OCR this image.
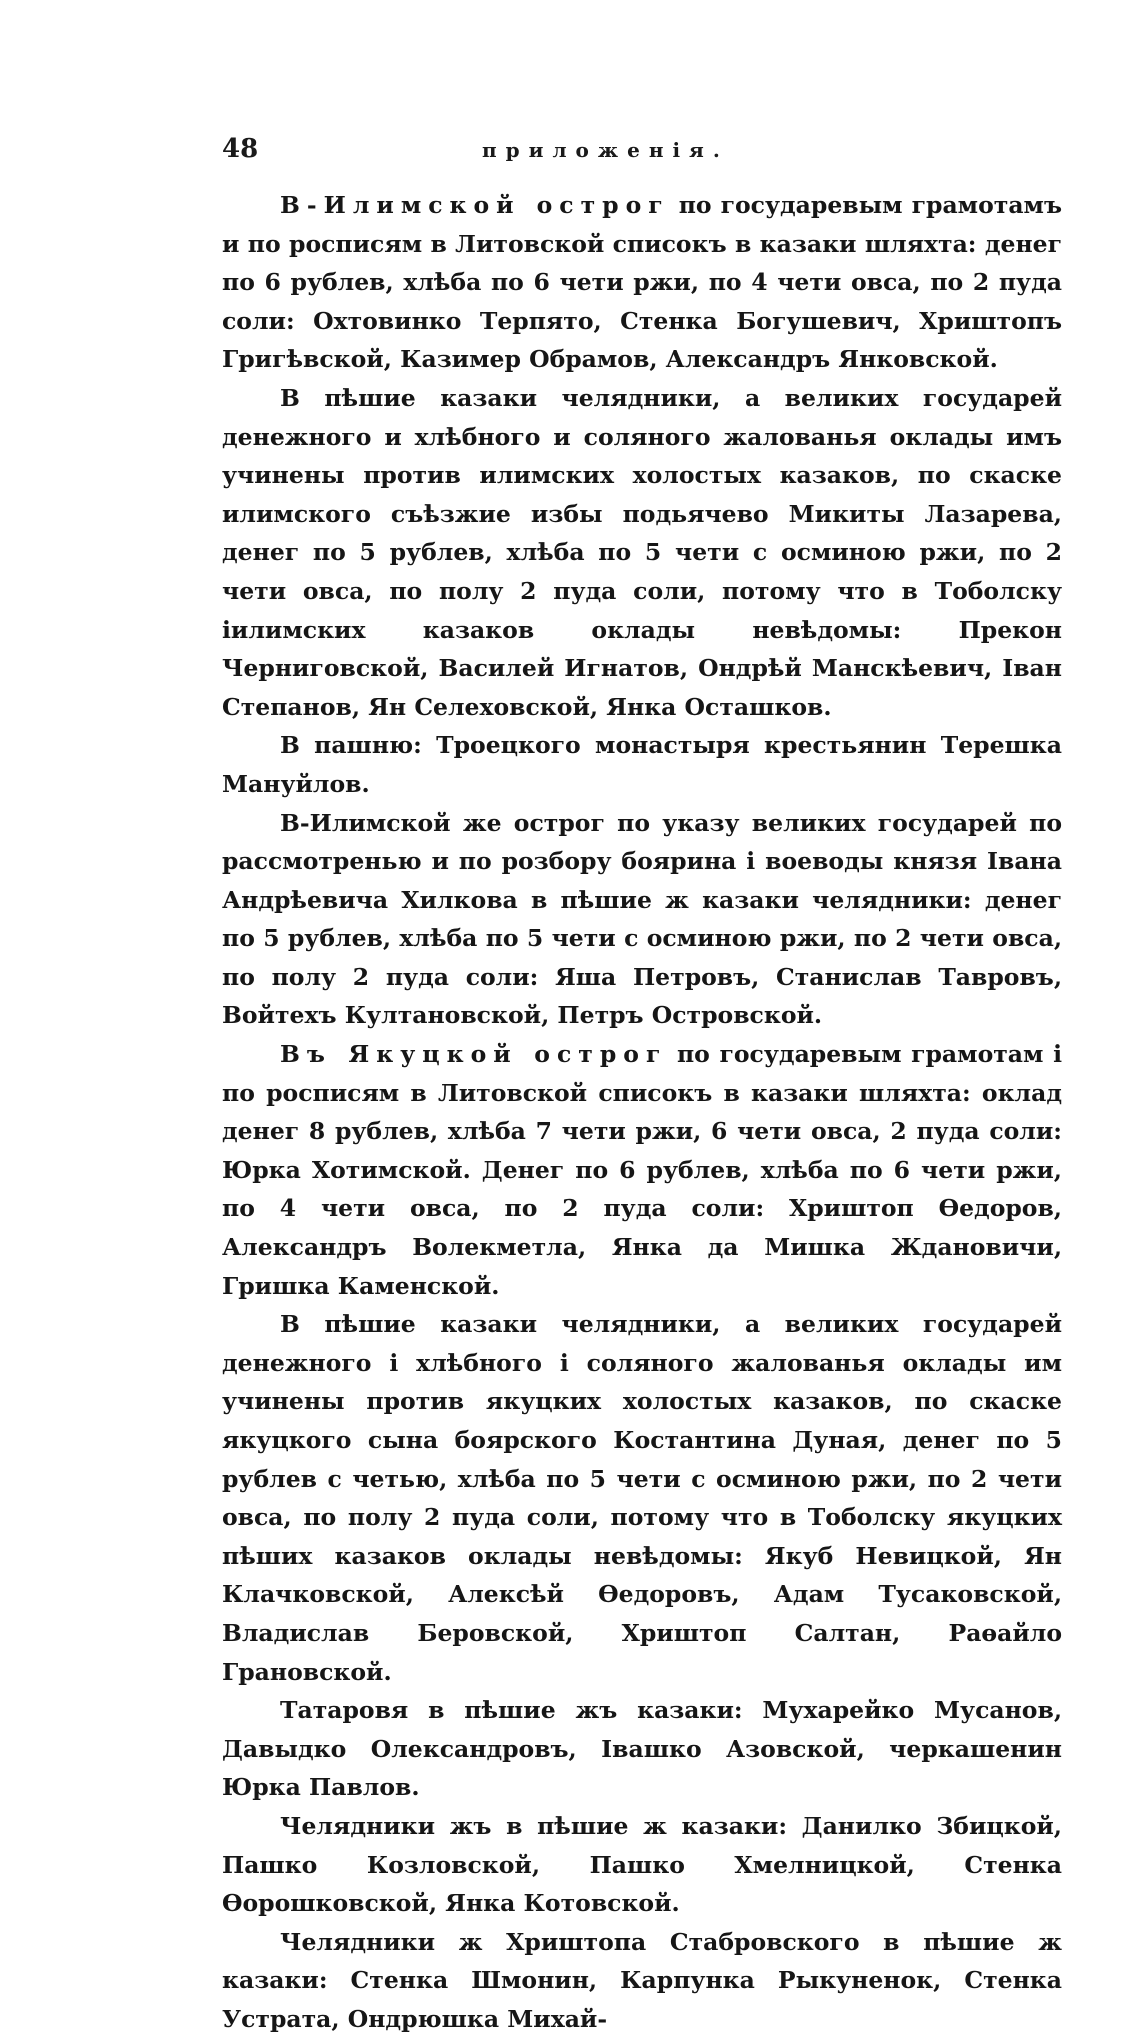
48	приложенія.

В-Илимской острог по государевым грамотамъ и по росписям в Литовской списокъ в казаки шляхта: денег по 6 рублев, хлѣба по 6 чети ржи, по 4 чети овса, по 2 пуда соли: Охтовинко Терпято, Стенка Богушевич, Хриштопъ Григѣвской, Казимер Обрамов, Александръ Янковской.

В пѣшие казаки челядники, а великих государей денежного и хлѣбного и соляного жалованья оклады имъ учинены против илимских холостых казаков, по скаске илимского съѣзжие избы подьячево Микиты Лазарева, денег по 5 рублев, хлѣба по 5 чети с осминою ржи, по 2 чети овса, по полу 2 пуда соли, потому что в Тоболску іилимских казаков оклады невѣдомы: Прекон Черниговской, Василей Игнатов, Ондрѣй Манскѣевич, Іван Степанов, Ян Селеховской, Янка Осташков.

В пашню: Троецкого монастыря крестьянин Терешка Мануйлов.

В-Илимской же острог по указу великих государей по рассмотренью и по розбору боярина і воеводы князя Івана Андрѣевича Хилкова в пѣшие ж казаки челядники: денег по 5 рублев, хлѣба по 5 чети с осминою ржи, по 2 чети овса, по полу 2 пуда соли: Яша Петровъ, Станислав Тавровъ, Войтехъ Култановской, Петръ Островской.

Въ Якуцкой острог по государевым грамотам і по росписям в Литовской списокъ в казаки шляхта: оклад денег 8 рублев, хлѣба 7 чети ржи, 6 чети овса, 2 пуда соли: Юрка Хотимской. Денег по 6 рублев, хлѣба по 6 чети ржи, по 4 чети овса, по 2 пуда соли: Хриштоп Өедоров, Александръ Волекметла, Янка да Мишка Ждановичи, Гришка Каменской.

В пѣшие казаки челядники, а великих государей денежного і хлѣбного і соляного жалованья оклады им учинены против якуцких холостых казаков, по скаске якуцкого сына боярского Костантина Дуная, денег по 5 рублев с четью, хлѣба по 5 чети с осминою ржи, по 2 чети овса, по полу 2 пуда соли, потому что в Тоболску якуцких пѣших казаков оклады невѣдомы: Якуб Невицкой, Ян Клачковской, Алексѣй Өедоровъ, Адам Тусаковской, Владислав Беровской, Хриштоп Салтан, Раөайло Грановской.

Татаровя в пѣшие жъ казаки: Мухарейко Мусанов, Давыдко Олександровъ, Івашко Азовской, черкашенин Юрка Павлов.

Челядники жъ в пѣшие ж казаки: Данилко Збицкой, Пашко Козловской, Пашко Хмелницкой, Стенка Өорошковской, Янка Котовской.

Челядники ж Хриштопа Стабровского в пѣшие ж казаки: Стенка Шмонин, Карпунка Рыкуненок, Стенка Устрата, Ондрюшка Михай-
